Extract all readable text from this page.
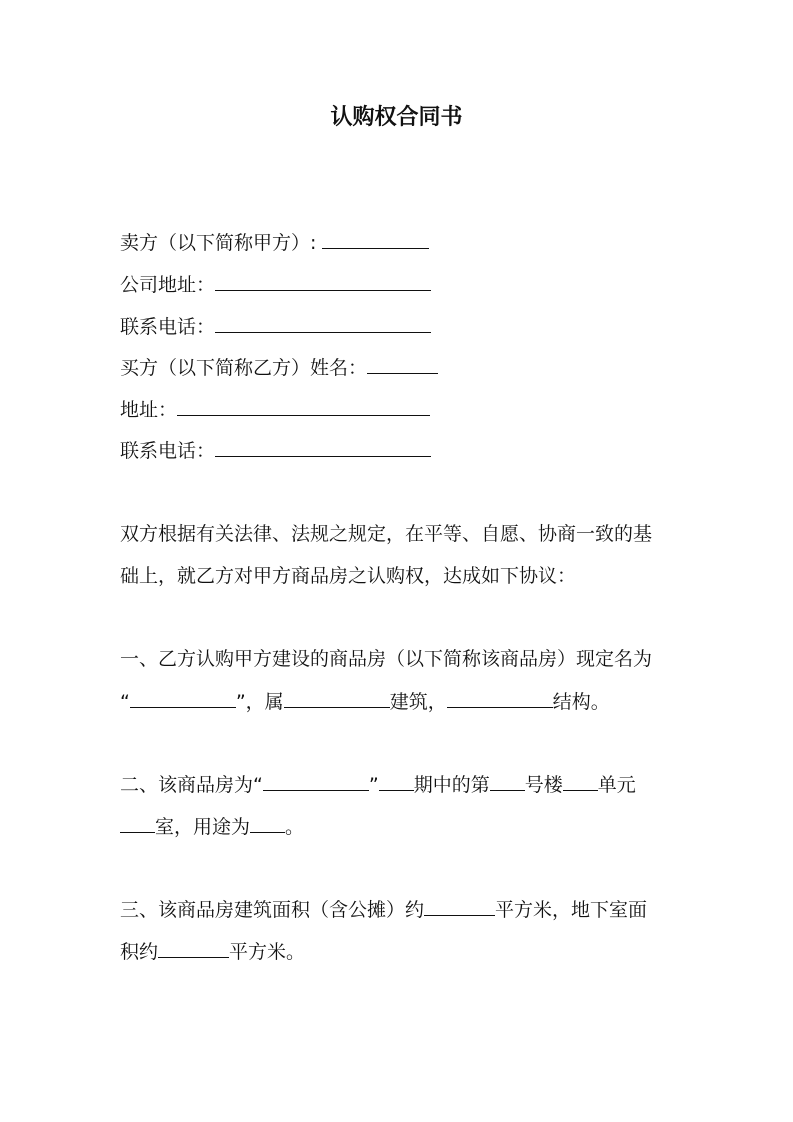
认购权合同书

卖方（以下简称甲方）:

公司地址：

联系电话：

买方（以下简称乙方）姓名：

地址：

联系电话：

双方根据有关法律、法规之规定，在平等、自愿、协商一致的基

础上，就乙方对甲方商品房之认购权，达成如下协议：

一、乙方认购甲方建设的商品房（以下简称该商品房）现定名为

“	”，属	建筑，	结构。

二、该商品房为“	” 期中的第 号楼 单元

室，用途为 。

三、该商品房建筑面积（含公摊）约	平方米，地下室面

积约	平方米。
